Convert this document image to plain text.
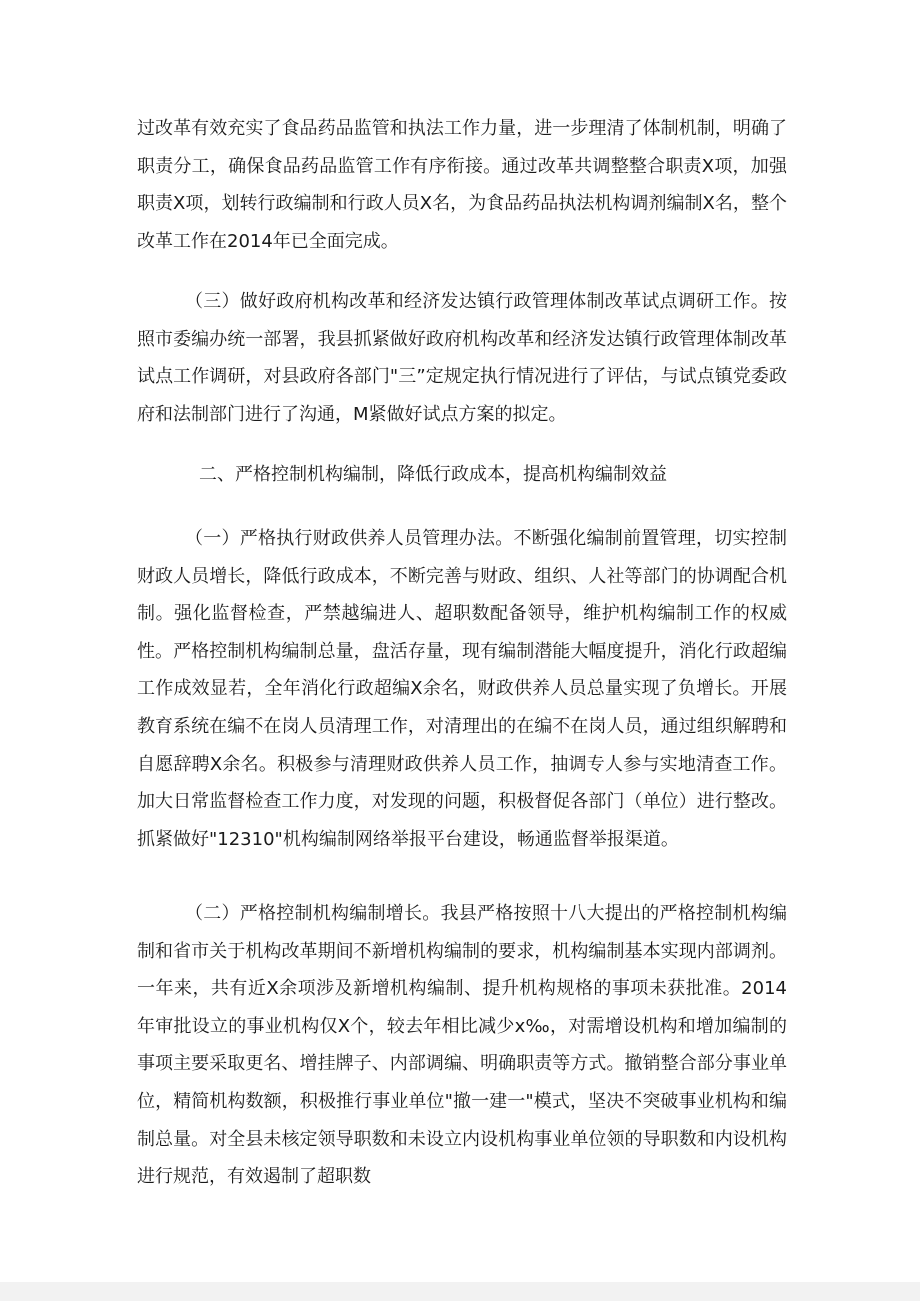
过改革有效充实了食品药品监管和执法工作力量，进一步理清了体制机制，明确了职责分工，确保食品药品监管工作有序衔接。通过改革共调整整合职责X项，加强职责X项，划转行政编制和行政人员X名，为食品药品执法机构调剂编制X名，整个改革工作在2014年已全面完成。

（三）做好政府机构改革和经济发达镇行政管理体制改革试点调研工作。按照市委编办统一部署，我县抓紧做好政府机构改革和经济发达镇行政管理体制改革试点工作调研，对县政府各部门"三”定规定执行情况进行了评估，与试点镇党委政府和法制部门进行了沟通，M紧做好试点方案的拟定。

二、严格控制机构编制，降低行政成本，提高机构编制效益

（一）严格执行财政供养人员管理办法。不断强化编制前置管理，切实控制财政人员增长，降低行政成本，不断完善与财政、组织、人社等部门的协调配合机制。强化监督检查，严禁越编进人、超职数配备领导，维护机构编制工作的权威性。严格控制机构编制总量，盘活存量，现有编制潜能大幅度提升，消化行政超编工作成效显若，全年消化行政超编X余名，财政供养人员总量实现了负增长。开展教育系统在编不在岗人员清理工作，对清理出的在编不在岗人员，通过组织解聘和自愿辞聘X余名。积极参与清理财政供养人员工作，抽调专人参与实地清查工作。加大日常监督检查工作力度，对发现的问题，积极督促各部门（单位）进行整改。抓紧做好"12310"机构编制网络举报平台建设，畅通监督举报渠道。

（二）严格控制机构编制增长。我县严格按照十八大提出的严格控制机构编制和省市关于机构改革期间不新增机构编制的要求，机构编制基本实现内部调剂。一年来，共有近X余项涉及新增机构编制、提升机构规格的事项未获批准。2014年审批设立的事业机构仅X个，较去年相比减少x‰，对需增设机构和增加编制的事项主要采取更名、增挂牌子、内部调编、明确职责等方式。撤销整合部分事业单位，精简机构数额，积极推行事业单位"撤一建一"模式，坚决不突破事业机构和编制总量。对全县未核定领导职数和未设立内设机构事业单位领的导职数和内设机构进行规范，有效遏制了超职数
